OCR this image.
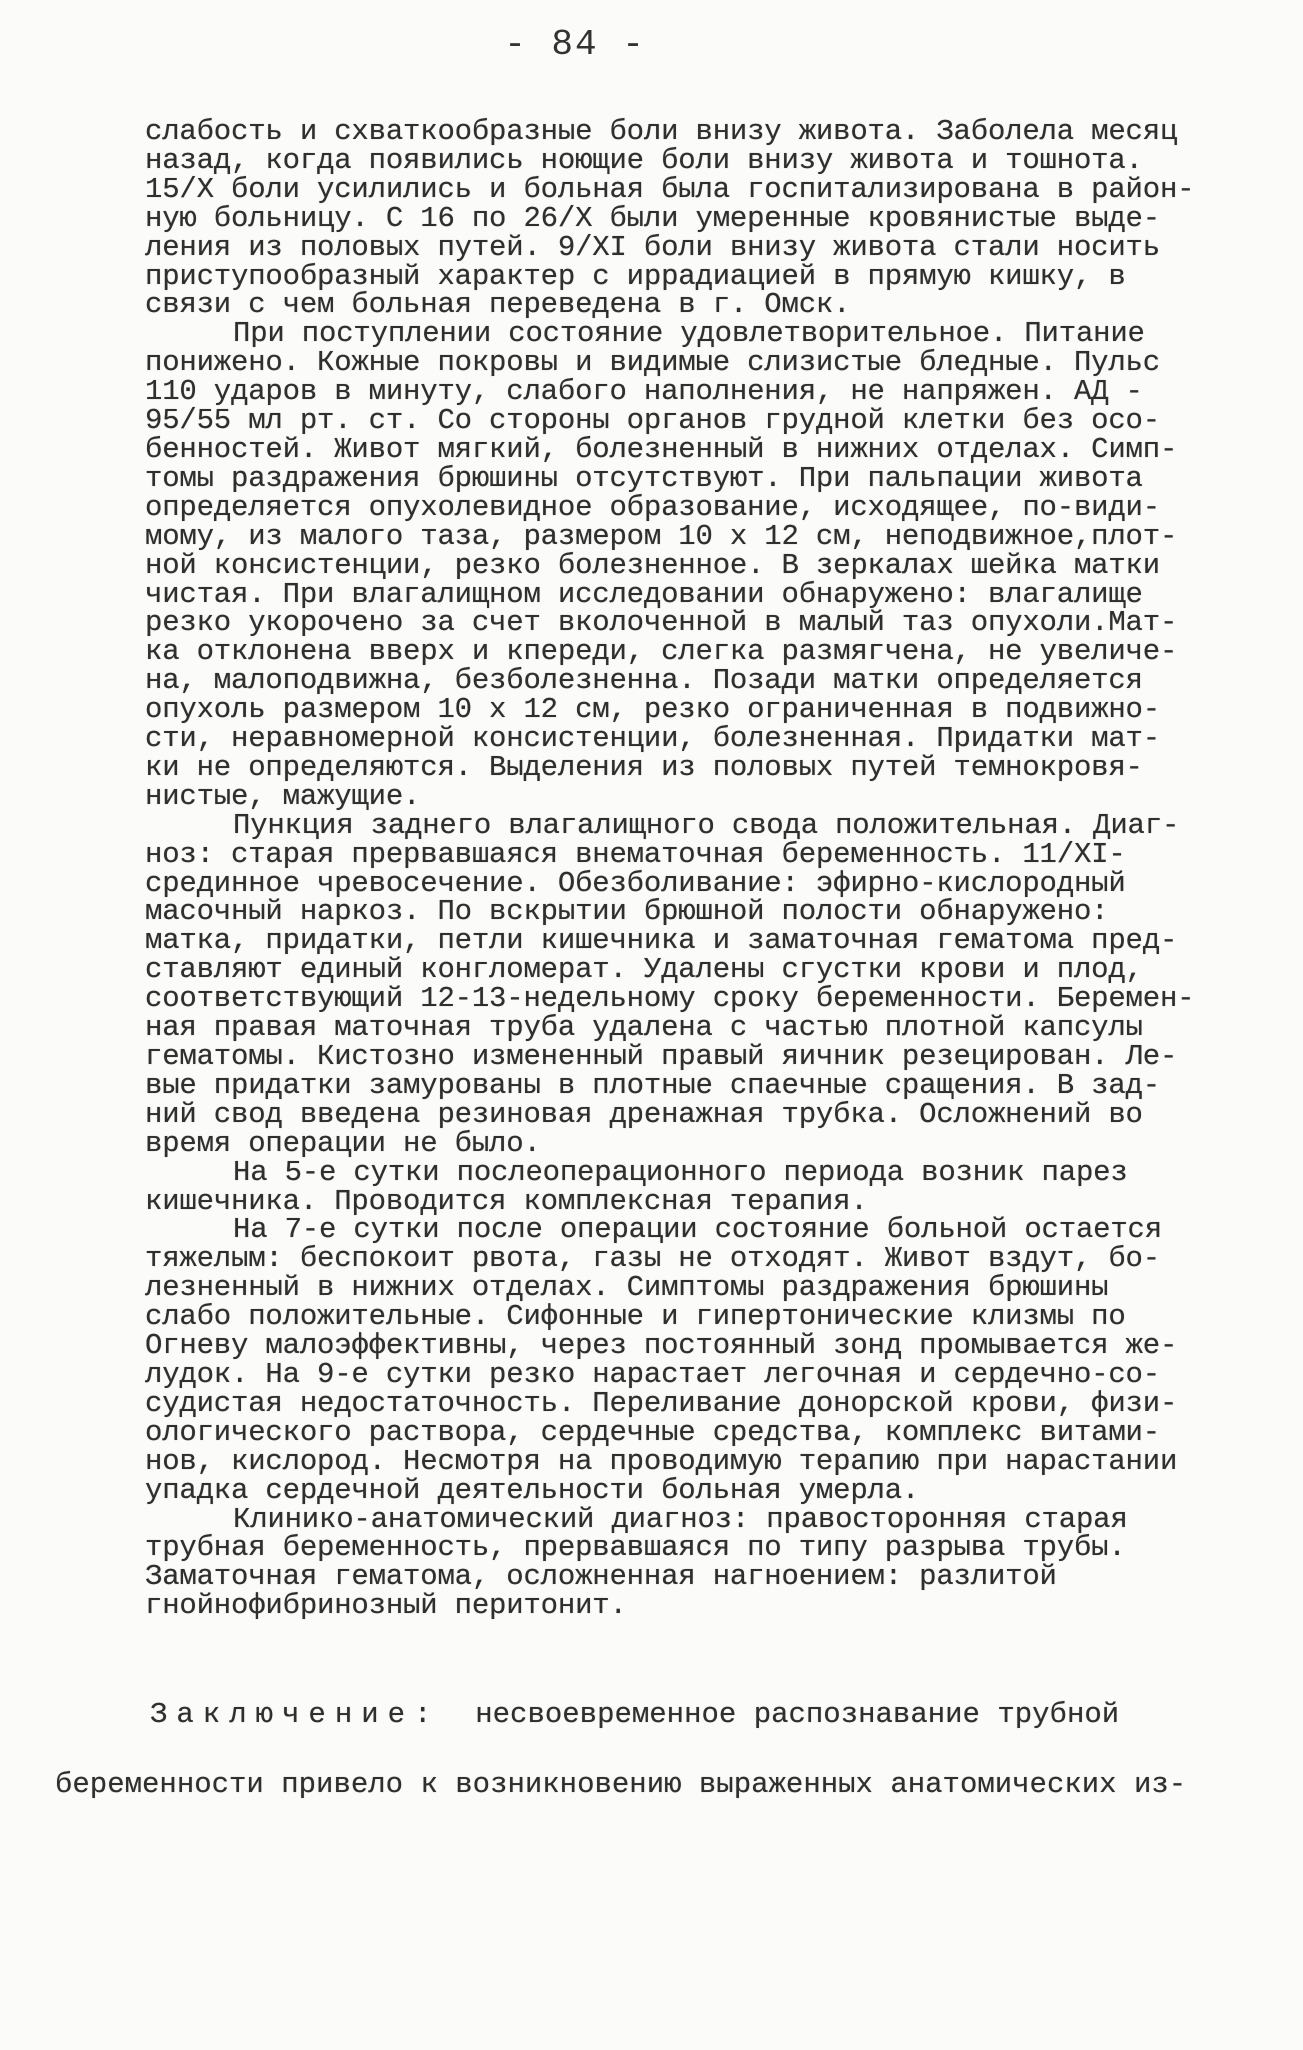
- 84 -
слабость и схваткообразные боли внизу живота. Заболела месяц
назад, когда появились ноющие боли внизу живота и тошнота.
15/Х боли усилились и больная была госпитализирована в район-
ную больницу. С 16 по 26/Х были умеренные кровянистые выде-
ления из половых путей. 9/XI боли внизу живота стали носить
приступообразный характер с иррадиацией в прямую кишку, в
связи с чем больная переведена в г. Омск.
При поступлении состояние удовлетворительное. Питание
понижено. Кожные покровы и видимые слизистые бледные. Пульс
110 ударов в минуту, слабого наполнения, не напряжен. АД -
95/55 мл рт. ст. Со стороны органов грудной клетки без осо-
бенностей. Живот мягкий, болезненный в нижних отделах. Симп-
томы раздражения брюшины отсутствуют. При пальпации живота
определяется опухолевидное образование, исходящее, по-види-
мому, из малого таза, размером 10 х 12 см, неподвижное,плот-
ной консистенции, резко болезненное. В зеркалах шейка матки
чистая. При влагалищном исследовании обнаружено: влагалище
резко укорочено за счет вколоченной в малый таз опухоли.Мат-
ка отклонена вверх и кпереди, слегка размягчена, не увеличе-
на, малоподвижна, безболезненна. Позади матки определяется
опухоль размером 10 х 12 см, резко ограниченная в подвижно-
сти, неравномерной консистенции, болезненная. Придатки мат-
ки не определяются. Выделения из половых путей темнокровя-
нистые, мажущие.
Пункция заднего влагалищного свода положительная. Диаг-
ноз: старая прервавшаяся внематочная беременность. 11/XI-
срединное чревосечение. Обезболивание: эфирно-кислородный
масочный наркоз. По вскрытии брюшной полости обнаружено:
матка, придатки, петли кишечника и заматочная гематома пред-
ставляют единый конгломерат. Удалены сгустки крови и плод,
соответствующий 12-13-недельному сроку беременности. Беремен-
ная правая маточная труба удалена с частью плотной капсулы
гематомы. Кистозно измененный правый яичник резецирован. Ле-
вые придатки замурованы в плотные спаечные сращения. В зад-
ний свод введена резиновая дренажная трубка. Осложнений во
время операции не было.
На 5-е сутки послеоперационного периода возник парез
кишечника. Проводится комплексная терапия.
На 7-е сутки после операции состояние больной остается
тяжелым: беспокоит рвота, газы не отходят. Живот вздут, бо-
лезненный в нижних отделах. Симптомы раздражения брюшины
слабо положительные. Сифонные и гипертонические клизмы по
Огневу малоэффективны, через постоянный зонд промывается же-
лудок. На 9-е сутки резко нарастает легочная и сердечно-со-
судистая недостаточность. Переливание донорской крови, физи-
ологического раствора, сердечные средства, комплекс витами-
нов, кислород. Несмотря на проводимую терапию при нарастании
упадка сердечной деятельности больная умерла.
Клинико-анатомический диагноз: правосторонняя старая
трубная беременность, прервавшаяся по типу разрыва трубы.
Заматочная гематома, осложненная нагноением: разлитой
гнойнофибринозный перитонит.
Заключение: несвоевременное распознавание трубной
беременности привело к возникновению выраженных анатомических из-
